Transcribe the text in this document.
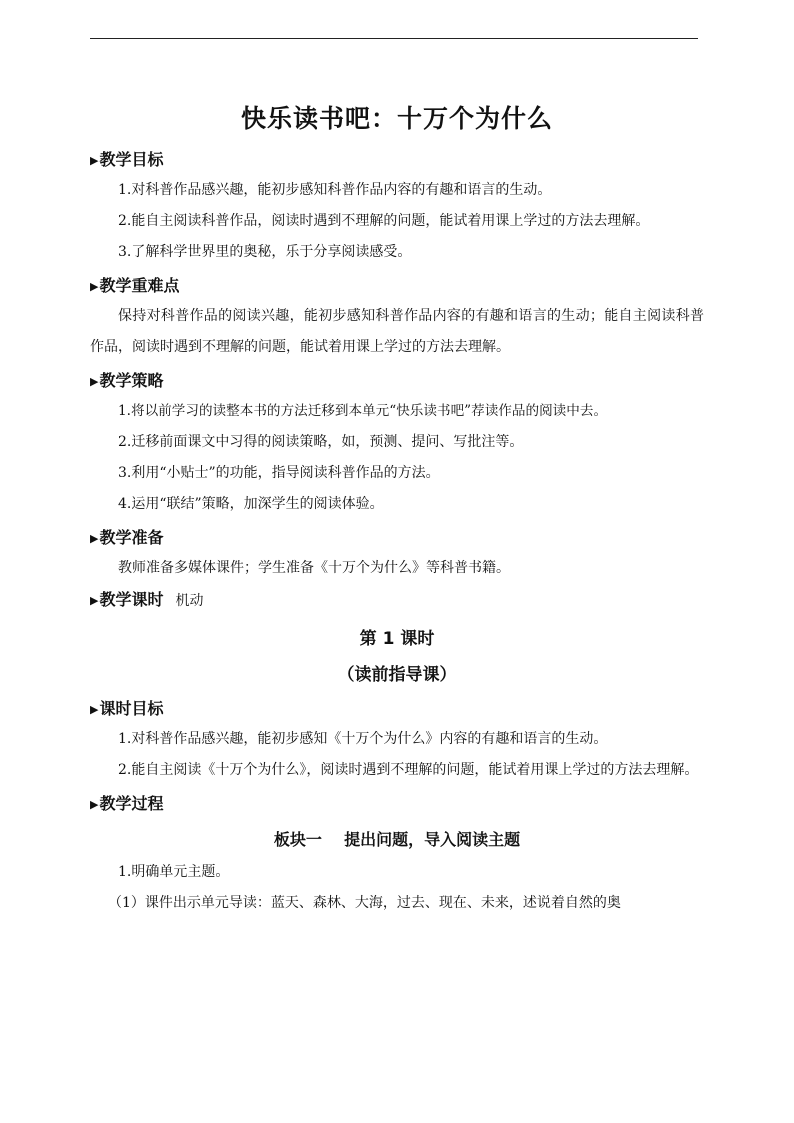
快乐读书吧：十万个为什么
▶教学目标

1.对科普作品感兴趣，能初步感知科普作品内容的有趣和语言的生动。

2.能自主阅读科普作品，阅读时遇到不理解的问题，能试着用课上学过的方法去理解。

3.了解科学世界里的奥秘，乐于分享阅读感受。

▶教学重难点

保持对科普作品的阅读兴趣，能初步感知科普作品内容的有趣和语言的生动；能自主阅读科普作品，阅读时遇到不理解的问题，能试着用课上学过的方法去理解。

▶教学策略

1.将以前学习的读整本书的方法迁移到本单元“快乐读书吧”荐读作品的阅读中去。

2.迁移前面课文中习得的阅读策略，如，预测、提问、写批注等。

3.利用“小贴士”的功能，指导阅读科普作品的方法。

4.运用“联结”策略，加深学生的阅读体验。

▶教学准备

教师准备多媒体课件；学生准备《十万个为什么》等科普书籍。

▶教学课时 机动
第 1 课时
（读前指导课）
▶课时目标

1.对科普作品感兴趣，能初步感知《十万个为什么》内容的有趣和语言的生动。

2.能自主阅读《十万个为什么》，阅读时遇到不理解的问题，能试着用课上学过的方法去理解。

▶教学过程
板块一    提出问题，导入阅读主题

1.明确单元主题。

（1）课件出示单元导读：蓝天、森林、大海，过去、现在、未来，述说着自然的奥
